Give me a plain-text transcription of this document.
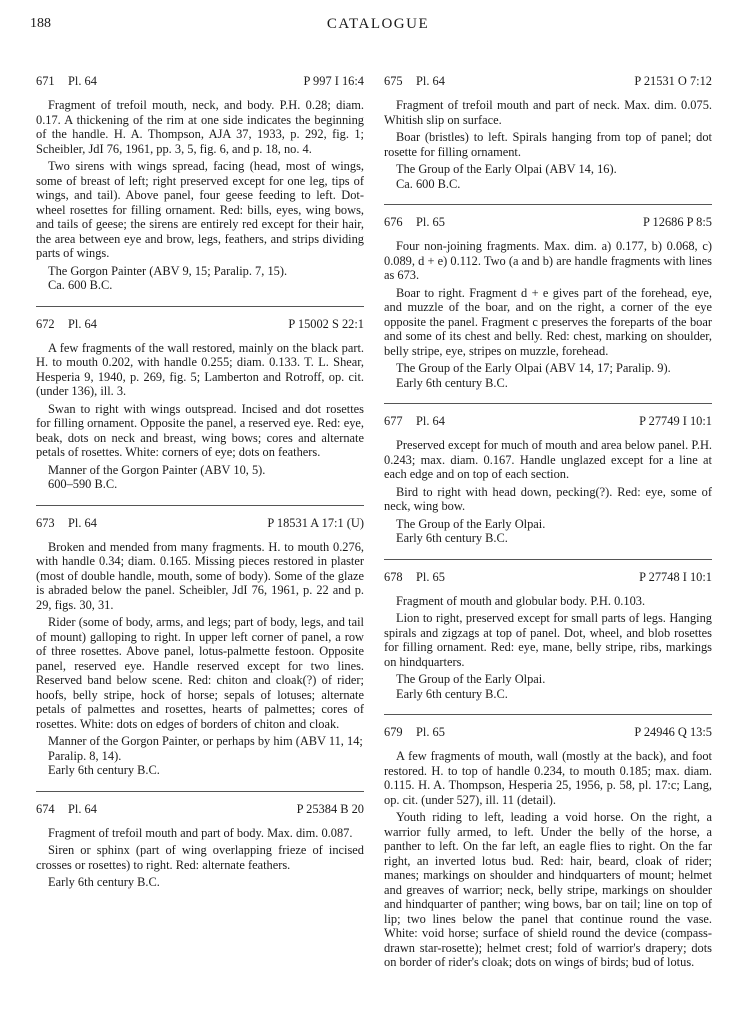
188	CATALOGUE
671 Pl. 64	P 997 I 16:4

Fragment of trefoil mouth, neck, and body. P.H. 0.28; diam. 0.17. A thickening of the rim at one side indicates the beginning of the handle. H. A. Thompson, AJA 37, 1933, p. 292, fig. 1; Scheibler, JdI 76, 1961, pp. 3, 5, fig. 6, and p. 18, no. 4.

Two sirens with wings spread, facing (head, most of wings, some of breast of left; right preserved except for one leg, tips of wings, and tail). Above panel, four geese feeding to left. Dot-wheel rosettes for filling ornament. Red: bills, eyes, wing bows, and tails of geese; the sirens are entirely red except for their hair, the area between eye and brow, legs, feathers, and strips dividing parts of wings.

The Gorgon Painter (ABV 9, 15; Paralip. 7, 15).

Ca. 600 B.C.

672 Pl. 64	P 15002 S 22:1

A few fragments of the wall restored, mainly on the black part. H. to mouth 0.202, with handle 0.255; diam. 0.133. T. L. Shear, Hesperia 9, 1940, p. 269, fig. 5; Lamberton and Rotroff, op. cit. (under 136), ill. 3.

Swan to right with wings outspread. Incised and dot rosettes for filling ornament. Opposite the panel, a reserved eye. Red: eye, beak, dots on neck and breast, wing bows; cores and alternate petals of rosettes. White: corners of eye; dots on feathers.

Manner of the Gorgon Painter (ABV 10, 5).

600–590 B.C.

673 Pl. 64	P 18531 A 17:1 (U)

Broken and mended from many fragments. H. to mouth 0.276, with handle 0.34; diam. 0.165. Missing pieces restored in plaster (most of double handle, mouth, some of body). Some of the glaze is abraded below the panel. Scheibler, JdI 76, 1961, p. 22 and p. 29, figs. 30, 31.

Rider (some of body, arms, and legs; part of body, legs, and tail of mount) galloping to right. In upper left corner of panel, a row of three rosettes. Above panel, lotus-palmette festoon. Opposite panel, reserved eye. Handle reserved except for two lines. Reserved band below scene. Red: chiton and cloak(?) of rider; hoofs, belly stripe, hock of horse; sepals of lotuses; alternate petals of palmettes and rosettes, hearts of palmettes; cores of rosettes. White: dots on edges of borders of chiton and cloak.

Manner of the Gorgon Painter, or perhaps by him (ABV 11, 14; Paralip. 8, 14).

Early 6th century B.C.

674 Pl. 64	P 25384 B 20

Fragment of trefoil mouth and part of body. Max. dim. 0.087.

Siren or sphinx (part of wing overlapping frieze of incised crosses or rosettes) to right. Red: alternate feathers.

Early 6th century B.C.

675 Pl. 64	P 21531 O 7:12

Fragment of trefoil mouth and part of neck. Max. dim. 0.075. Whitish slip on surface.

Boar (bristles) to left. Spirals hanging from top of panel; dot rosette for filling ornament.

The Group of the Early Olpai (ABV 14, 16).

Ca. 600 B.C.

676 Pl. 65	P 12686 P 8:5

Four non-joining fragments. Max. dim. a) 0.177, b) 0.068, c) 0.089, d + e) 0.112. Two (a and b) are handle fragments with lines as 673.

Boar to right. Fragment d + e gives part of the forehead, eye, and muzzle of the boar, and on the right, a corner of the eye opposite the panel. Fragment c preserves the foreparts of the boar and some of its chest and belly. Red: chest, marking on shoulder, belly stripe, eye, stripes on muzzle, forehead.

The Group of the Early Olpai (ABV 14, 17; Paralip. 9).

Early 6th century B.C.

677 Pl. 64	P 27749 I 10:1

Preserved except for much of mouth and area below panel. P.H. 0.243; max. diam. 0.167. Handle unglazed except for a line at each edge and on top of each section.

Bird to right with head down, pecking(?). Red: eye, some of neck, wing bow.

The Group of the Early Olpai.

Early 6th century B.C.

678 Pl. 65	P 27748 I 10:1

Fragment of mouth and globular body. P.H. 0.103.

Lion to right, preserved except for small parts of legs. Hanging spirals and zigzags at top of panel. Dot, wheel, and blob rosettes for filling ornament. Red: eye, mane, belly stripe, ribs, markings on hindquarters.

The Group of the Early Olpai.

Early 6th century B.C.

679 Pl. 65	P 24946 Q 13:5

A few fragments of mouth, wall (mostly at the back), and foot restored. H. to top of handle 0.234, to mouth 0.185; max. diam. 0.115. H. A. Thompson, Hesperia 25, 1956, p. 58, pl. 17:c; Lang, op. cit. (under 527), ill. 11 (detail).

Youth riding to left, leading a void horse. On the right, a warrior fully armed, to left. Under the belly of the horse, a panther to left. On the far left, an eagle flies to right. On the far right, an inverted lotus bud. Red: hair, beard, cloak of rider; manes; markings on shoulder and hindquarters of mount; helmet and greaves of warrior; neck, belly stripe, markings on shoulder and hindquarter of panther; wing bows, bar on tail; line on top of lip; two lines below the panel that continue round the vase. White: void horse; surface of shield round the device (compass-drawn star-rosette); helmet crest; fold of warrior's drapery; dots on border of rider's cloak; dots on wings of birds; bud of lotus.
